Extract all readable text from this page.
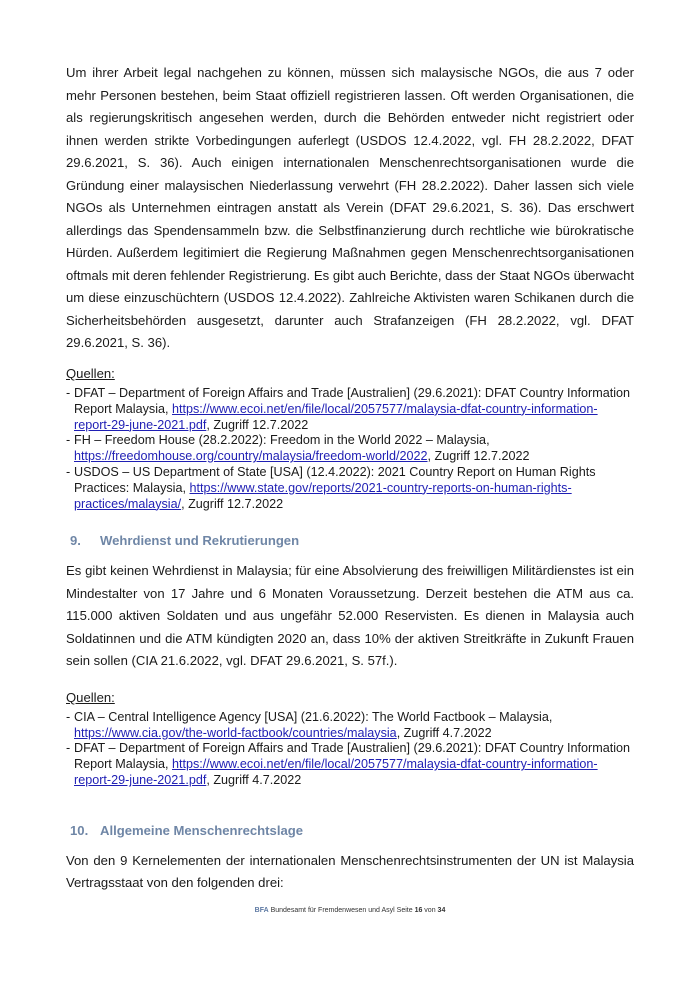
Um ihrer Arbeit legal nachgehen zu können, müssen sich malaysische NGOs, die aus 7 oder mehr Personen bestehen, beim Staat offiziell registrieren lassen. Oft werden Organisationen, die als regierungskritisch angesehen werden, durch die Behörden entweder nicht registriert oder ihnen werden strikte Vorbedingungen auferlegt (USDOS 12.4.2022, vgl. FH 28.2.2022, DFAT 29.6.2021, S. 36). Auch einigen internationalen Menschenrechtsorganisationen wurde die Gründung einer malaysischen Niederlassung verwehrt (FH 28.2.2022). Daher lassen sich viele NGOs als Unternehmen eintragen anstatt als Verein (DFAT 29.6.2021, S. 36). Das erschwert allerdings das Spendensammeln bzw. die Selbstfinanzierung durch rechtliche wie bürokratische Hürden. Außerdem legitimiert die Regierung Maßnahmen gegen Menschenrechtsorganisationen oftmals mit deren fehlender Registrierung. Es gibt auch Berichte, dass der Staat NGOs überwacht um diese einzuschüchtern (USDOS 12.4.2022). Zahlreiche Aktivisten waren Schikanen durch die Sicherheitsbehörden ausgesetzt, darunter auch Strafanzeigen (FH 28.2.2022, vgl. DFAT 29.6.2021, S. 36).

Quellen:
- DFAT – Department of Foreign Affairs and Trade [Australien] (29.6.2021): DFAT Country Information Report Malaysia, https://www.ecoi.net/en/file/local/2057577/malaysia-dfat-country-information-report-29-june-2021.pdf, Zugriff 12.7.2022
- FH – Freedom House (28.2.2022): Freedom in the World 2022 – Malaysia, https://freedomhouse.org/country/malaysia/freedom-world/2022, Zugriff 12.7.2022
- USDOS – US Department of State [USA] (12.4.2022): 2021 Country Report on Human Rights Practices: Malaysia, https://www.state.gov/reports/2021-country-reports-on-human-rights-practices/malaysia/, Zugriff 12.7.2022
9. Wehrdienst und Rekrutierungen

Es gibt keinen Wehrdienst in Malaysia; für eine Absolvierung des freiwilligen Militärdienstes ist ein Mindestalter von 17 Jahre und 6 Monaten Voraussetzung. Derzeit bestehen die ATM aus ca. 115.000 aktiven Soldaten und aus ungefähr 52.000 Reservisten. Es dienen in Malaysia auch Soldatinnen und die ATM kündigten 2020 an, dass 10% der aktiven Streitkräfte in Zukunft Frauen sein sollen (CIA 21.6.2022, vgl. DFAT 29.6.2021, S. 57f.).

Quellen:
- CIA – Central Intelligence Agency [USA] (21.6.2022): The World Factbook – Malaysia, https://www.cia.gov/the-world-factbook/countries/malaysia, Zugriff 4.7.2022
- DFAT – Department of Foreign Affairs and Trade [Australien] (29.6.2021): DFAT Country Information Report Malaysia, https://www.ecoi.net/en/file/local/2057577/malaysia-dfat-country-information-report-29-june-2021.pdf, Zugriff 4.7.2022
10. Allgemeine Menschenrechtslage

Von den 9 Kernelementen der internationalen Menschenrechtsinstrumenten der UN ist Malaysia Vertragsstaat von den folgenden drei:

BFA Bundesamt für Fremdenwesen und Asyl Seite 16 von 34
